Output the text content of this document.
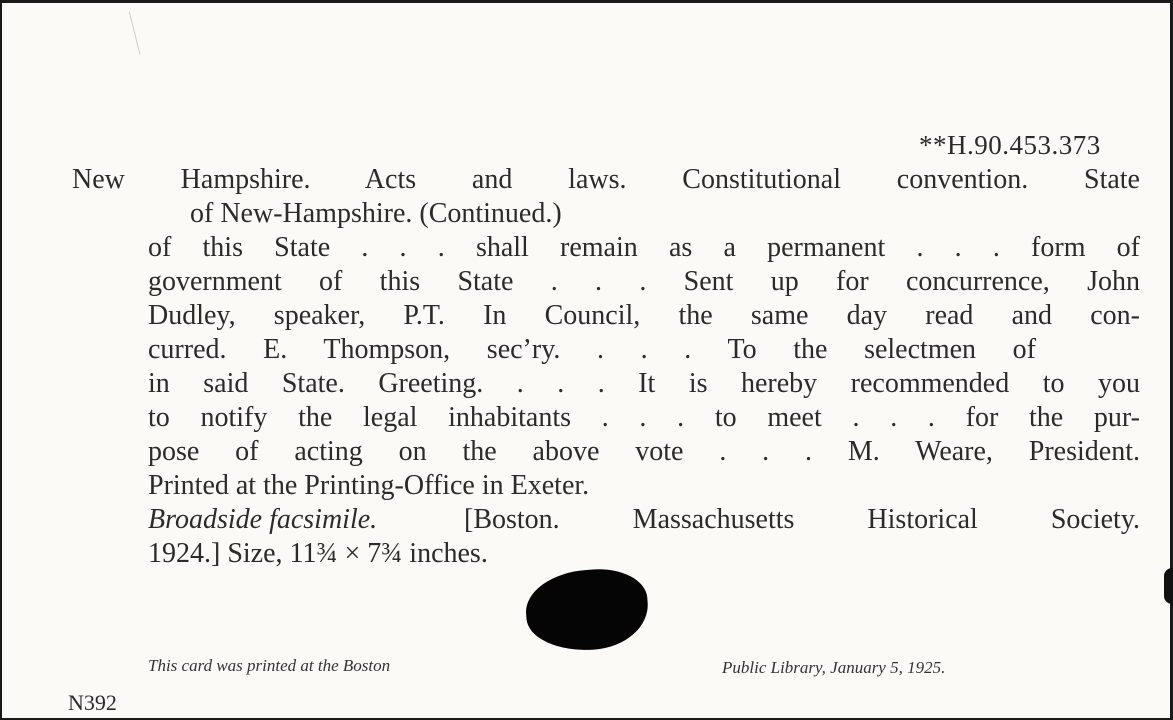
**H.90.453.373
New Hampshire. Acts and laws. Constitutional convention. State
of New-Hampshire. (Continued.)
of this State . . . shall remain as a permanent . . . form of
government of this State . . . Sent up for concurrence, John
Dudley, speaker, P.T. In Council, the same day read and con-
curred. E. Thompson, sec’ry. . . . To the selectmen of
in said State. Greeting. . . . It is hereby recommended to you
to notify the legal inhabitants . . . to meet . . . for the pur-
pose of acting on the above vote . . . M. Weare, President.
Printed at the Printing-Office in Exeter.
Broadside facsimile.	[Boston. Massachusetts Historical Society.
1924.] Size, 11¾ × 7¾ inches.
This card was printed at the Boston	Public Library, January 5, 1925.
N392
